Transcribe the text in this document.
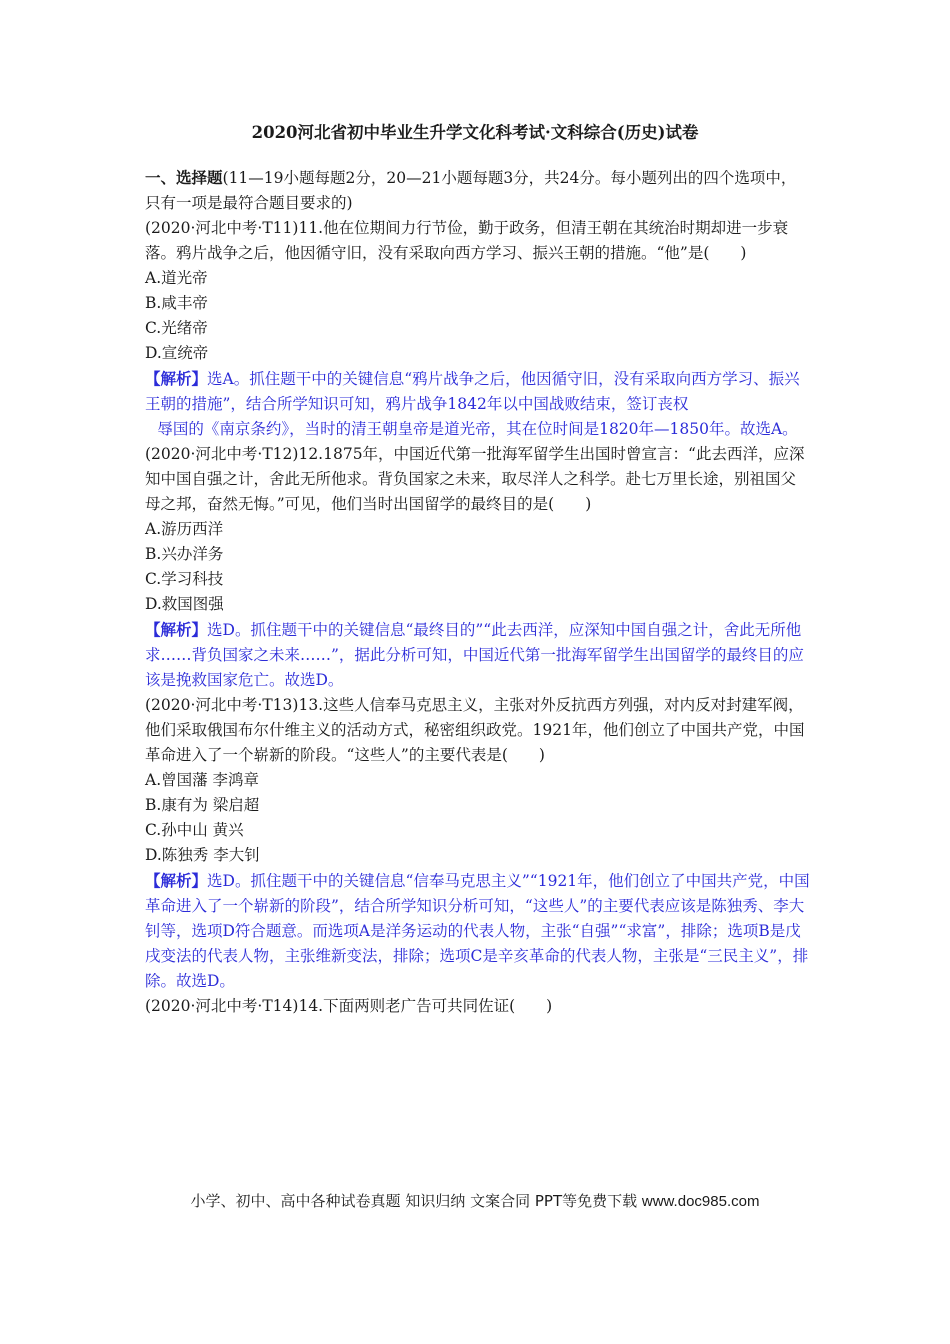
2020河北省初中毕业生升学文化科考试·文科综合(历史)试卷

一、选择题(11—19小题每题2分，20—21小题每题3分，共24分。每小题列出的四个选项中，只有一项是最符合题目要求的)

(2020·河北中考·T11)11.他在位期间力行节俭，勤于政务，但清王朝在其统治时期却进一步衰落。鸦片战争之后，他因循守旧，没有采取向西方学习、振兴王朝的措施。“他”是(　　)

A.道光帝

B.咸丰帝

C.光绪帝

D.宣统帝

【解析】选A。抓住题干中的关键信息“鸦片战争之后，他因循守旧，没有采取向西方学习、振兴王朝的措施”，结合所学知识可知，鸦片战争1842年以中国战败结束，签订丧权

辱国的《南京条约》，当时的清王朝皇帝是道光帝，其在位时间是1820年—1850年。故选A。

(2020·河北中考·T12)12.1875年，中国近代第一批海军留学生出国时曾宣言：“此去西洋，应深知中国自强之计，舍此无所他求。背负国家之未来，取尽洋人之科学。赴七万里长途，别祖国父母之邦，奋然无悔。”可见，他们当时出国留学的最终目的是(　　)

A.游历西洋

B.兴办洋务

C.学习科技

D.救国图强

【解析】选D。抓住题干中的关键信息“最终目的”“此去西洋，应深知中国自强之计，舍此无所他求……背负国家之未来……”，据此分析可知，中国近代第一批海军留学生出国留学的最终目的应该是挽救国家危亡。故选D。

(2020·河北中考·T13)13.这些人信奉马克思主义，主张对外反抗西方列强，对内反对封建军阀，他们采取俄国布尔什维主义的活动方式，秘密组织政党。1921年，他们创立了中国共产党，中国革命进入了一个崭新的阶段。“这些人”的主要代表是(　　)

A.曾国藩 李鸿章

B.康有为 梁启超

C.孙中山 黄兴

D.陈独秀 李大钊

【解析】选D。抓住题干中的关键信息“信奉马克思主义”“1921年，他们创立了中国共产党，中国革命进入了一个崭新的阶段”，结合所学知识分析可知，“这些人”的主要代表应该是陈独秀、李大钊等，选项D符合题意。而选项A是洋务运动的代表人物，主张“自强”“求富”，排除；选项B是戊戌变法的代表人物，主张维新变法，排除；选项C是辛亥革命的代表人物，主张是“三民主义”，排除。故选D。

(2020·河北中考·T14)14.下面两则老广告可共同佐证(　　)

小学、初中、高中各种试卷真题 知识归纳 文案合同 PPT等免费下载 www.doc985.com
